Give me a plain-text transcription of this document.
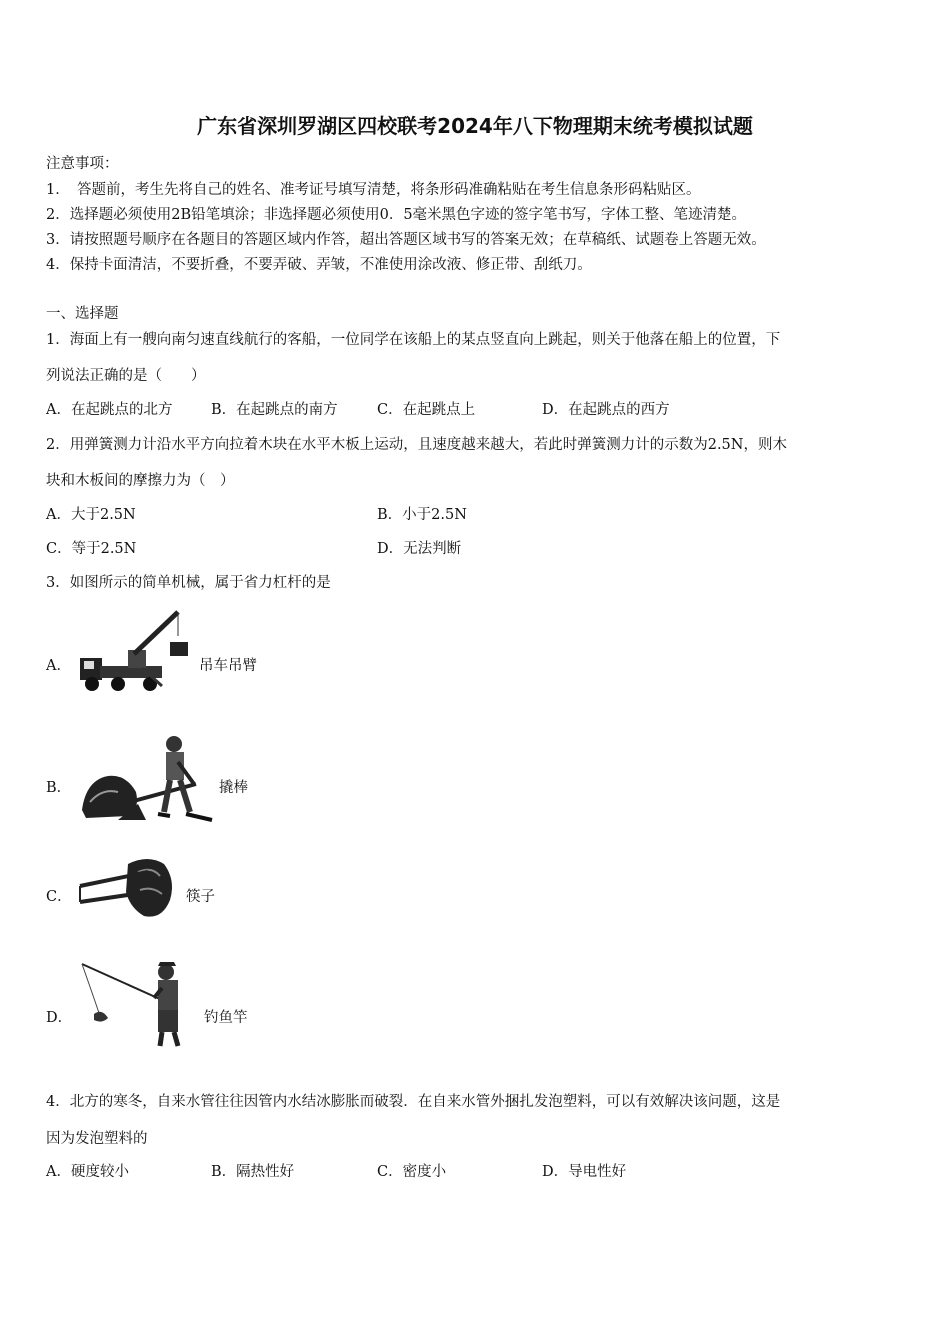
广东省深圳罗湖区四校联考2024年八下物理期末统考模拟试题
注意事项：
1．　答题前，考生先将自己的姓名、准考证号填写清楚，将条形码准确粘贴在考生信息条形码粘贴区。
2．选择题必须使用2B铅笔填涂；非选择题必须使用0．5毫米黑色字迹的签字笔书写，字体工整、笔迹清楚。
3．请按照题号顺序在各题目的答题区域内作答，超出答题区域书写的答案无效；在草稿纸、试题卷上答题无效。
4．保持卡面清洁，不要折叠，不要弄破、弄皱，不准使用涂改液、修正带、刮纸刀。
一、选择题
1．海面上有一艘向南匀速直线航行的客船，一位同学在该船上的某点竖直向上跳起，则关于他落在船上的位置，下
列说法正确的是（　　）
A．在起跳点的北方	B．在起跳点的南方	C．在起跳点上	D．在起跳点的西方
2．用弹簧测力计沿水平方向拉着木块在水平木板上运动，且速度越来越大，若此时弹簧测力计的示数为2.5N，则木
块和木板间的摩擦力为（　）
A．大于2.5N	B．小于2.5N
C．等于2.5N	D．无法判断
3．如图所示的简单机械，属于省力杠杆的是
A．	吊车吊臂
B．	撬棒
C．	筷子
D．	钓鱼竿
4．北方的寒冬，自来水管往往因管内水结冰膨胀而破裂．在自来水管外捆扎发泡塑料，可以有效解决该问题，这是
因为发泡塑料的
A．硬度较小	B．隔热性好	C．密度小	D．导电性好
